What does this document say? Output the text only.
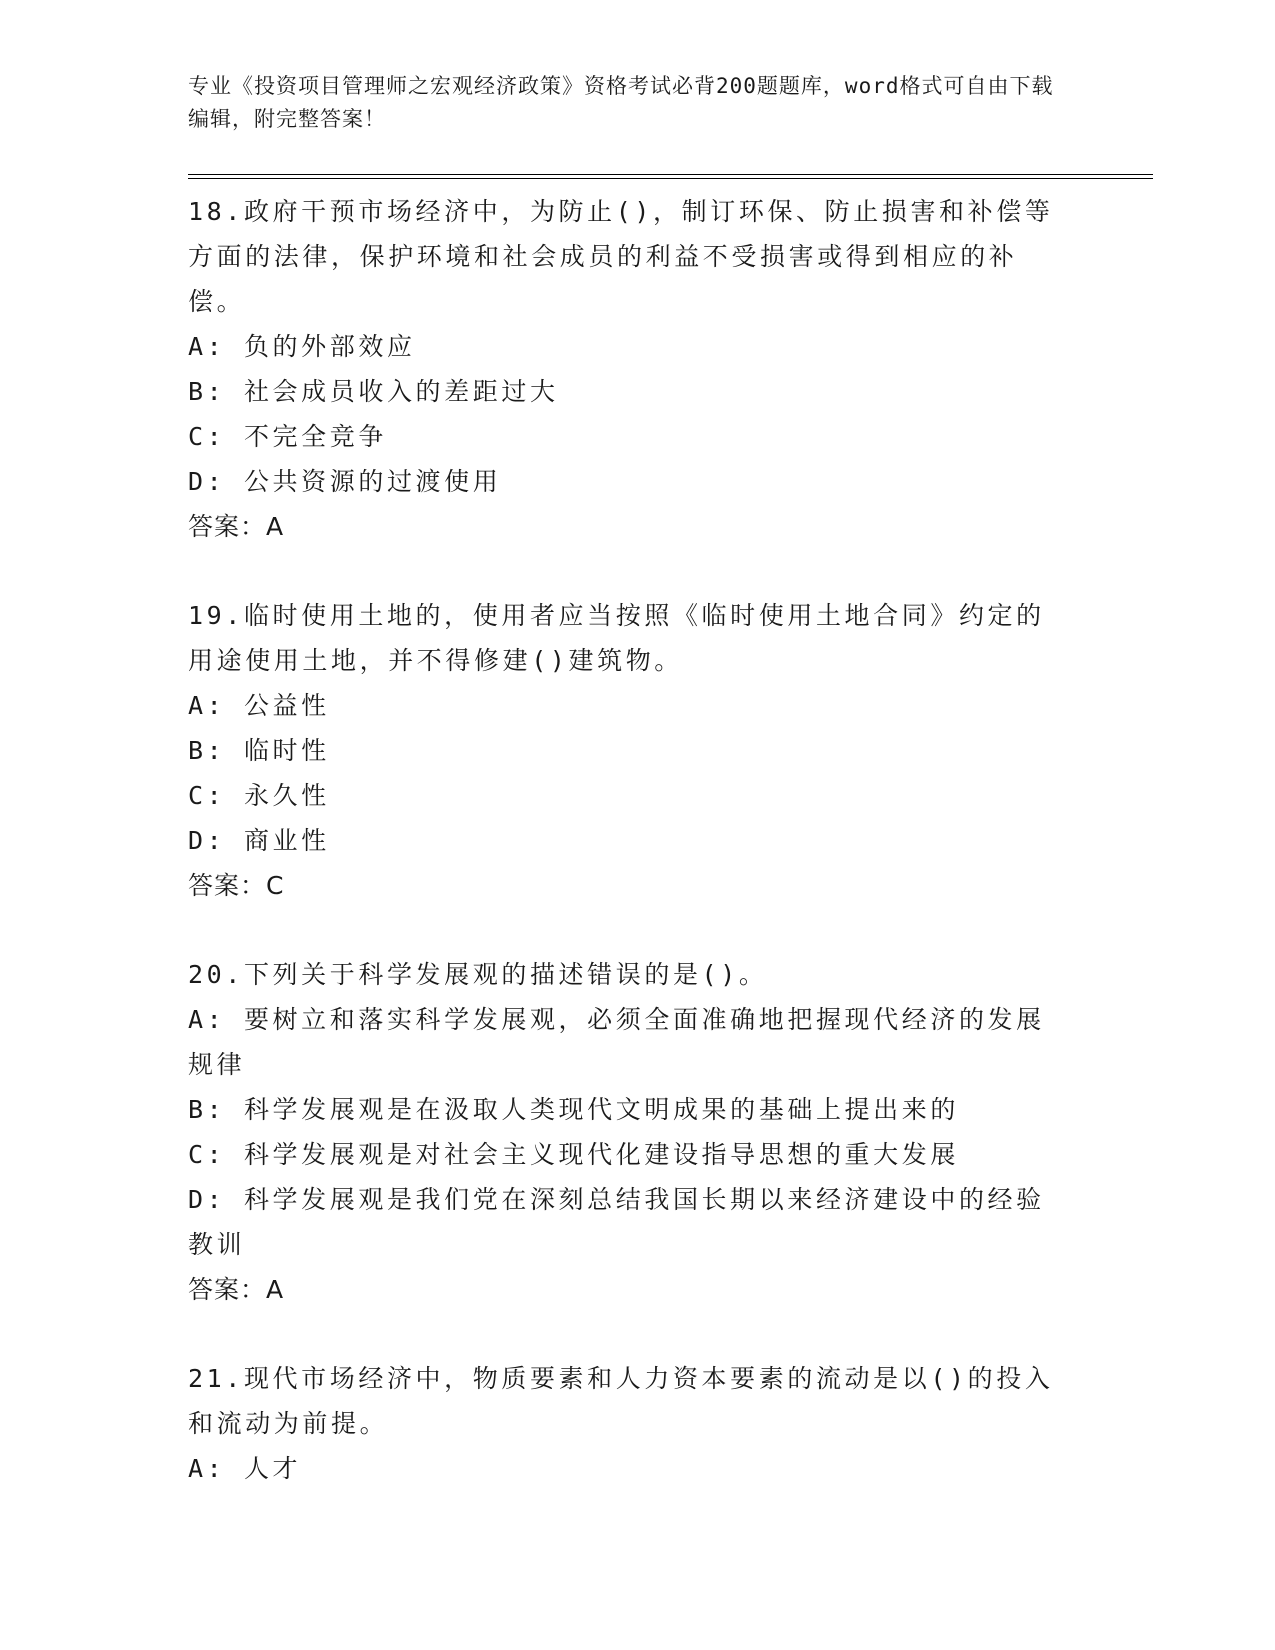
专业《投资项目管理师之宏观经济政策》资格考试必背200题题库，word格式可自由下载编辑，附完整答案！

18.政府干预市场经济中，为防止()，制订环保、防止损害和补偿等方面的法律，保护环境和社会成员的利益不受损害或得到相应的补偿。

A: 负的外部效应

B: 社会成员收入的差距过大

C: 不完全竞争

D: 公共资源的过渡使用

答案：A

19.临时使用土地的，使用者应当按照《临时使用土地合同》约定的用途使用土地，并不得修建()建筑物。

A: 公益性

B: 临时性

C: 永久性

D: 商业性

答案：C

20.下列关于科学发展观的描述错误的是()。

A: 要树立和落实科学发展观，必须全面准确地把握现代经济的发展规律

B: 科学发展观是在汲取人类现代文明成果的基础上提出来的

C: 科学发展观是对社会主义现代化建设指导思想的重大发展

D: 科学发展观是我们党在深刻总结我国长期以来经济建设中的经验教训

答案：A

21.现代市场经济中，物质要素和人力资本要素的流动是以()的投入和流动为前提。

A: 人才
